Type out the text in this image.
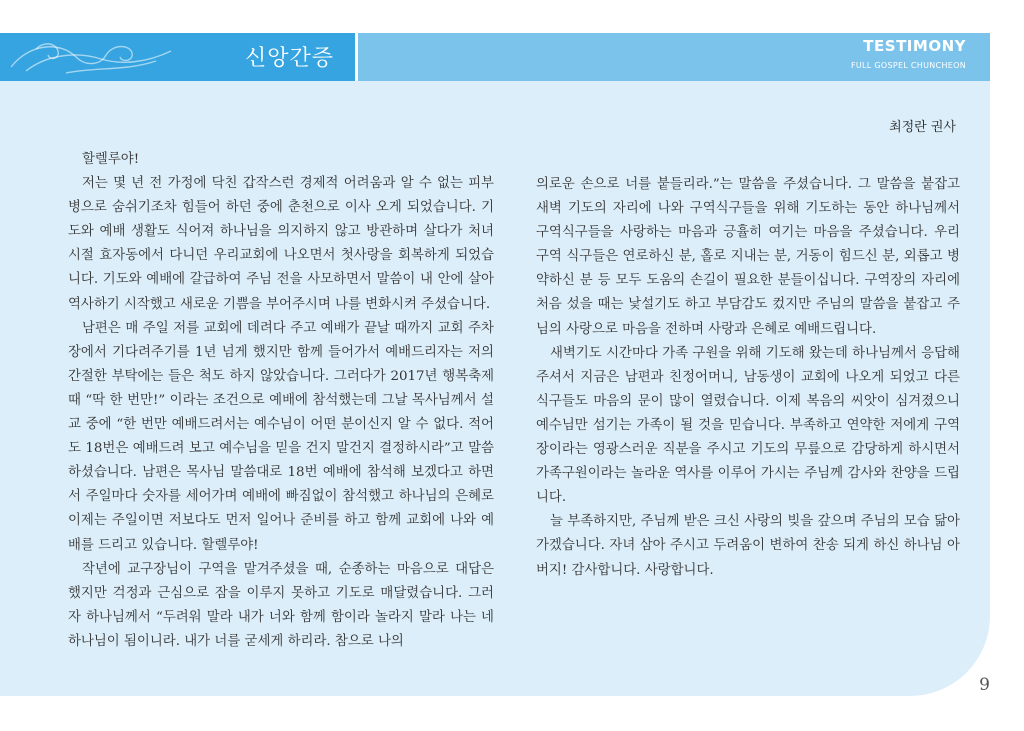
신앙간증	TESTIMONY
FULL GOSPEL CHUNCHEON
최정란 권사

할렐루야!

저는 몇 년 전 가정에 닥친 갑작스런 경제적 어려움과 알 수 없는 피부병으로 숨쉬기조차 힘들어 하던 중에 춘천으로 이사 오게 되었습니다. 기도와 예배 생활도 식어져 하나님을 의지하지 않고 방관하며 살다가 처녀시절 효자동에서 다니던 우리교회에 나오면서 첫사랑을 회복하게 되었습니다. 기도와 예배에 갈급하여 주님 전을 사모하면서 말씀이 내 안에 살아 역사하기 시작했고 새로운 기쁨을 부어주시며 나를 변화시켜 주셨습니다.

남편은 매 주일 저를 교회에 데려다 주고 예배가 끝날 때까지 교회 주차장에서 기다려주기를 1년 넘게 했지만 함께 들어가서 예배드리자는 저의 간절한 부탁에는 들은 척도 하지 않았습니다. 그러다가 2017년 행복축제 때 “딱 한 번만!” 이라는 조건으로 예배에 참석했는데 그날 목사님께서 설교 중에 “한 번만 예배드려서는 예수님이 어떤 분이신지 알 수 없다. 적어도 18번은 예배드려 보고 예수님을 믿을 건지 말건지 결정하시라”고 말씀하셨습니다. 남편은 목사님 말씀대로 18번 예배에 참석해 보겠다고 하면서 주일마다 숫자를 세어가며 예배에 빠짐없이 참석했고 하나님의 은혜로 이제는 주일이면 저보다도 먼저 일어나 준비를 하고 함께 교회에 나와 예배를 드리고 있습니다. 할렐루야!

작년에 교구장님이 구역을 맡겨주셨을 때, 순종하는 마음으로 대답은 했지만 걱정과 근심으로 잠을 이루지 못하고 기도로 매달렸습니다. 그러자 하나님께서 “두려워 말라 내가 너와 함께 함이라 놀라지 말라 나는 네 하나님이 됨이니라. 내가 너를 굳세게 하리라. 참으로 나의

의로운 손으로 너를 붙들리라.”는 말씀을 주셨습니다. 그 말씀을 붙잡고 새벽 기도의 자리에 나와 구역식구들을 위해 기도하는 동안 하나님께서 구역식구들을 사랑하는 마음과 긍휼히 여기는 마음을 주셨습니다. 우리 구역 식구들은 연로하신 분, 홀로 지내는 분, 거동이 힘드신 분, 외롭고 병약하신 분 등 모두 도움의 손길이 필요한 분들이십니다. 구역장의 자리에 처음 섰을 때는 낯설기도 하고 부담감도 컸지만 주님의 말씀을 붙잡고 주님의 사랑으로 마음을 전하며 사랑과 은혜로 예배드립니다.

새벽기도 시간마다 가족 구원을 위해 기도해 왔는데 하나님께서 응답해 주셔서 지금은 남편과 친정어머니, 남동생이 교회에 나오게 되었고 다른 식구들도 마음의 문이 많이 열렸습니다. 이제 복음의 씨앗이 심겨졌으니 예수님만 섬기는 가족이 될 것을 믿습니다. 부족하고 연약한 저에게 구역장이라는 영광스러운 직분을 주시고 기도의 무릎으로 감당하게 하시면서 가족구원이라는 놀라운 역사를 이루어 가시는 주님께 감사와 찬양을 드립니다.

늘 부족하지만, 주님께 받은 크신 사랑의 빚을 갚으며 주님의 모습 닮아가겠습니다. 자녀 삼아 주시고 두려움이 변하여 찬송 되게 하신 하나님 아버지! 감사합니다. 사랑합니다.

9
